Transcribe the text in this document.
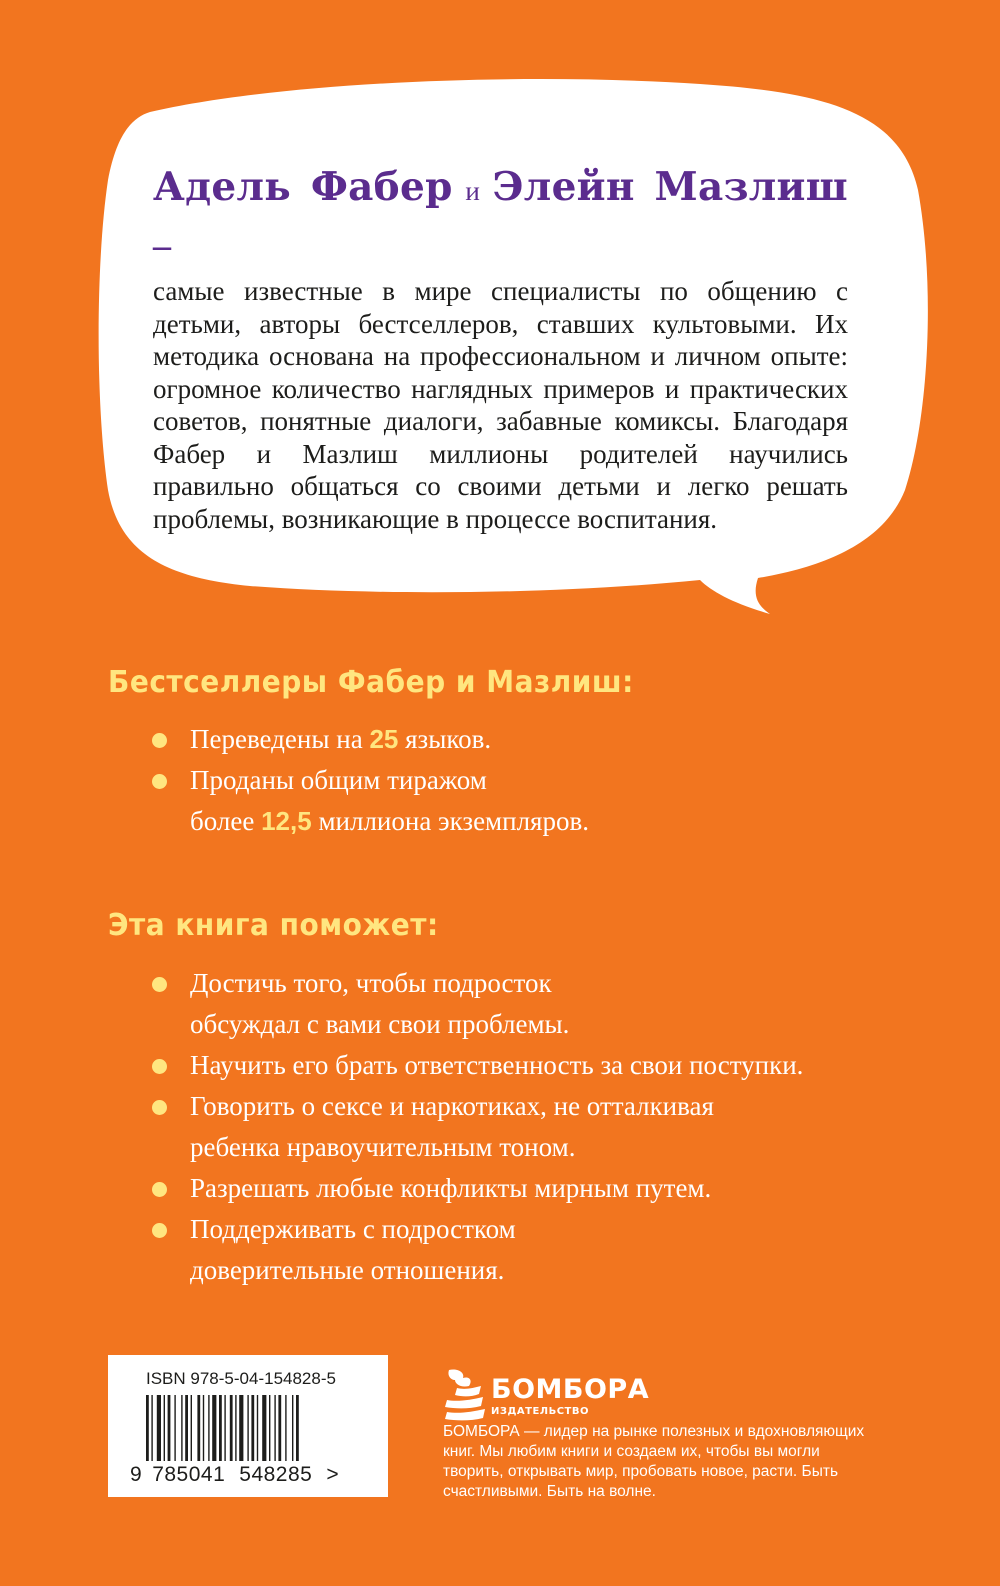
Адель Фабер и Элейн Мазлиш –
самые известные в мире специалисты по общению с детьми, авторы бестселлеров, ставших культовыми. Их методика основана на профессиональном и личном опыте: огромное количество наглядных примеров и практических советов, понятные диалоги, забавные комиксы. Благодаря Фабер и Мазлиш миллионы родителей научились правильно общаться со своими детьми и легко решать проблемы, возникающие в процессе воспитания.
Бестселлеры Фабер и Мазлиш:
Переведены на 25 языков.
Проданы общим тиражом
более 12,5 миллиона экземпляров.
Эта книга поможет:
Достичь того, чтобы подросток
обсуждал с вами свои проблемы.
Научить его брать ответственность за свои поступки.
Говорить о сексе и наркотиках, не отталкивая
ребенка нравоучительным тоном.
Разрешать любые конфликты мирным путем.
Поддерживать с подростком
доверительные отношения.
ISBN 978-5-04-154828-5
9 785041 548285 >
БОМБОРА
ИЗДАТЕЛЬСТВО
БОМБОРА — лидер на рынке полезных и вдохновляющих книг. Мы любим книги и создаем их, чтобы вы могли творить, открывать мир, пробовать новое, расти. Быть счастливыми. Быть на волне.
